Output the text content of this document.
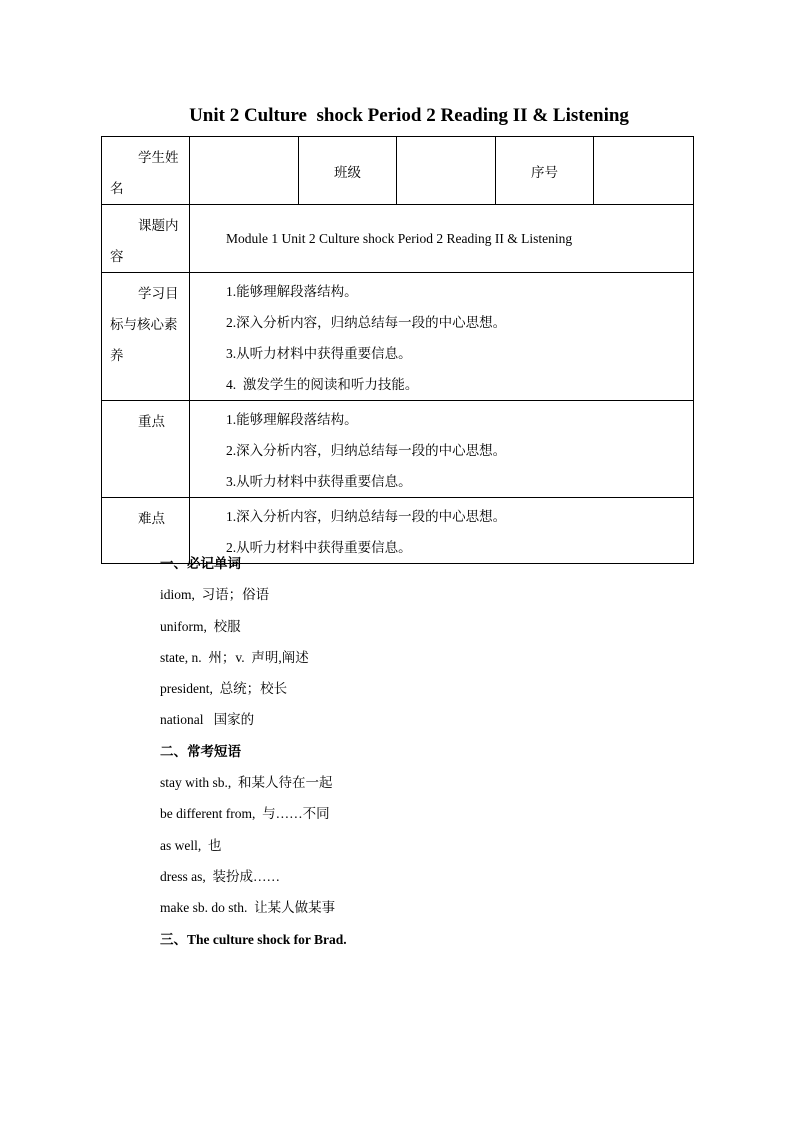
Unit 2 Culture  shock Period 2 Reading II & Listening
学生姓名		班级		序号	
课题内容	Module 1 Unit 2 Culture shock Period 2 Reading II & Listening				
学习目标与核心素养	1.能够理解段落结构。
2.深入分析内容，归纳总结每一段的中心思想。
3.从听力材料中获得重要信息。
4.  激发学生的阅读和听力技能。				

重点	1.能够理解段落结构。
2.深入分析内容，归纳总结每一段的中心思想。
3.从听力材料中获得重要信息。				

难点	1.深入分析内容，归纳总结每一段的中心思想。
2.从听力材料中获得重要信息。				
一、必记单词
idiom,  习语；俗语
uniform,  校服
state, n.  州；v.  声明,阐述
president,  总统；校长
national   国家的
二、常考短语
stay with sb.,  和某人待在一起
be different from,  与……不同
as well,  也
dress as,  装扮成……
make sb. do sth.  让某人做某事
三、The culture shock for Brad.
